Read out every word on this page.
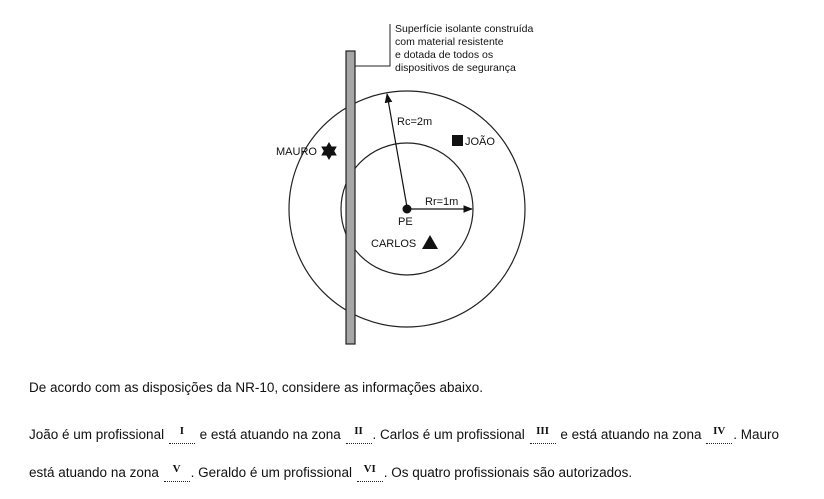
Superfície isolante construída
com material resistente
e dotada de todos os
dispositivos de segurança
Rc=2m
Rr=1m
PE
MAURO
JOÃO
CARLOS
De acordo com as disposições da NR-10, considere as informações abaixo.
João é um profissional $^I$ e está atuando na zona $^{II}$ . Carlos é um profissional $^{III}$ e está atuando na zona $^{IV}$ . Mauro
está atuando na zona $^V$ . Geraldo é um profissional $^{VI}$ . Os quatro profissionais são autorizados.
